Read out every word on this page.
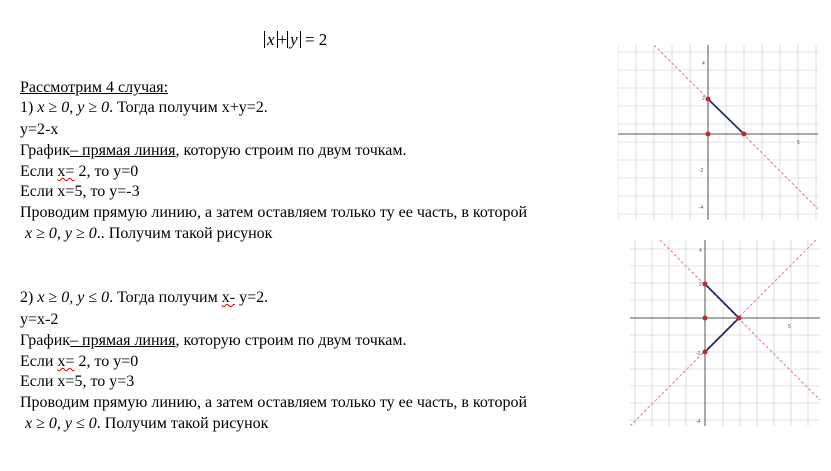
x + y = 2
Рассмотрим 4 случая:
1) x ≥ 0, y ≥ 0. Тогда получим x+y=2.
y=2-x
График– прямая линия, которую строим по двум точкам.
Если x= 2, то y=0
Если x=5, то y=-3
Проводим прямую линию, а затем оставляем только ту ее часть, в которой
x ≥ 0, y ≥ 0.. Получим такой рисунок
2) x ≥ 0, y ≤ 0. Тогда получим x- y=2.
y=x-2
График– прямая линия, которую строим по двум точкам.
Если x= 2, то y=0
Если x=5, то y=3
Проводим прямую линию, а затем оставляем только ту ее часть, в которой
x ≥ 0, y ≤ 0. Получим такой рисунок
5
4
2
-2
-4
5
4
2
-2
-4
